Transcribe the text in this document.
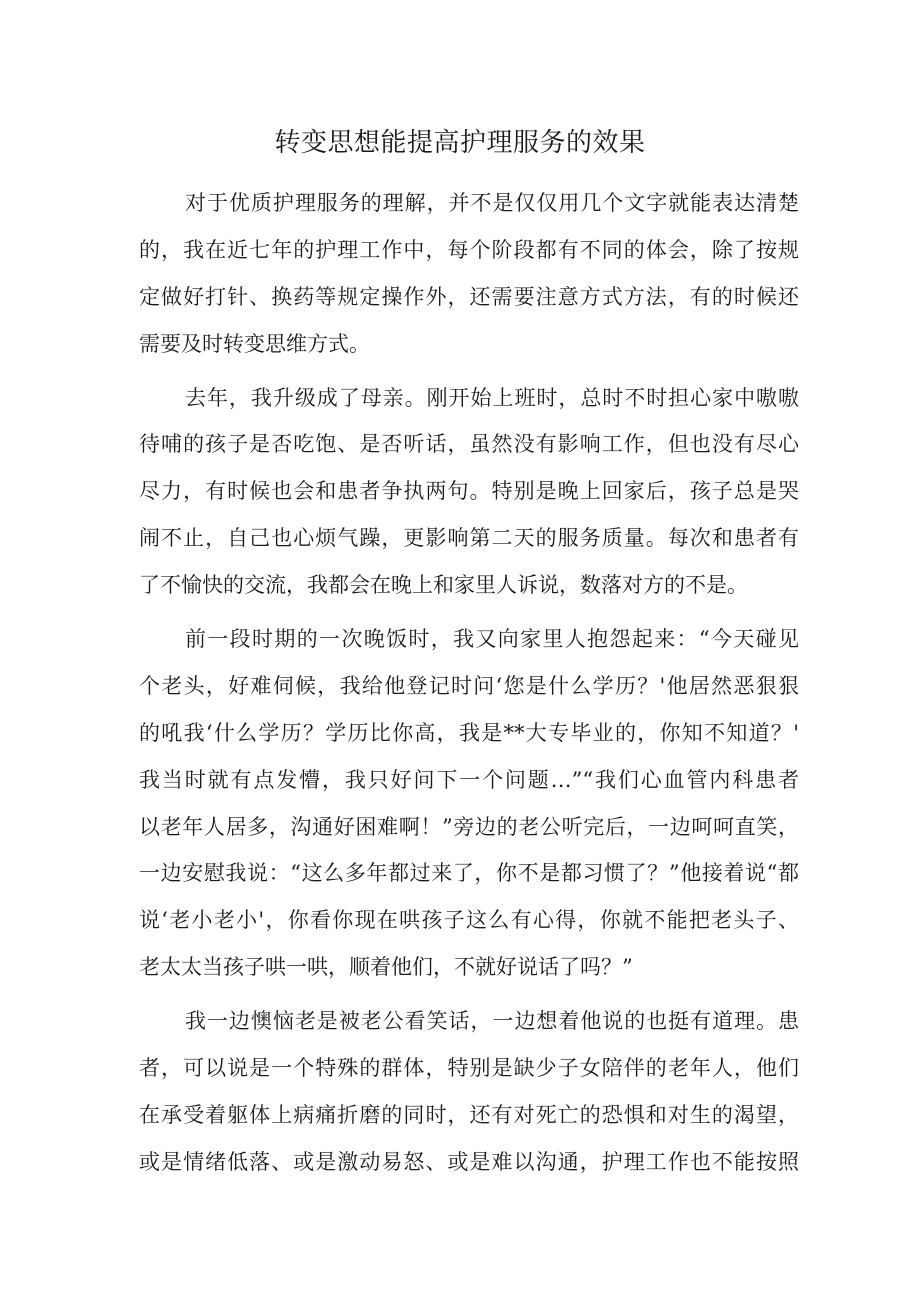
转变思想能提高护理服务的效果
对于优质护理服务的理解，并不是仅仅用几个文字就能表达清楚
的，我在近七年的护理工作中，每个阶段都有不同的体会，除了按规
定做好打针、换药等规定操作外，还需要注意方式方法，有的时候还
需要及时转变思维方式。
去年，我升级成了母亲。刚开始上班时，总时不时担心家中嗷嗷
待哺的孩子是否吃饱、是否听话，虽然没有影响工作，但也没有尽心
尽力，有时候也会和患者争执两句。特别是晚上回家后，孩子总是哭
闹不止，自己也心烦气躁，更影响第二天的服务质量。每次和患者有
了不愉快的交流，我都会在晚上和家里人诉说，数落对方的不是。
前一段时期的一次晚饭时，我又向家里人抱怨起来：“今天碰见
个老头，好难伺候，我给他登记时问‘您是什么学历？'他居然恶狠狠
的吼我‘什么学历？学历比你高，我是**大专毕业的，你知不知道？'
我当时就有点发懵，我只好问下一个问题…”“我们心血管内科患者
以老年人居多，沟通好困难啊！”旁边的老公听完后，一边呵呵直笑，
一边安慰我说：“这么多年都过来了，你不是都习惯了？”他接着说“都
说‘老小老小'，你看你现在哄孩子这么有心得，你就不能把老头子、
老太太当孩子哄一哄，顺着他们，不就好说话了吗？”
我一边懊恼老是被老公看笑话，一边想着他说的也挺有道理。患
者，可以说是一个特殊的群体，特别是缺少子女陪伴的老年人，他们
在承受着躯体上病痛折磨的同时，还有对死亡的恐惧和对生的渴望，
或是情绪低落、或是激动易怒、或是难以沟通，护理工作也不能按照
